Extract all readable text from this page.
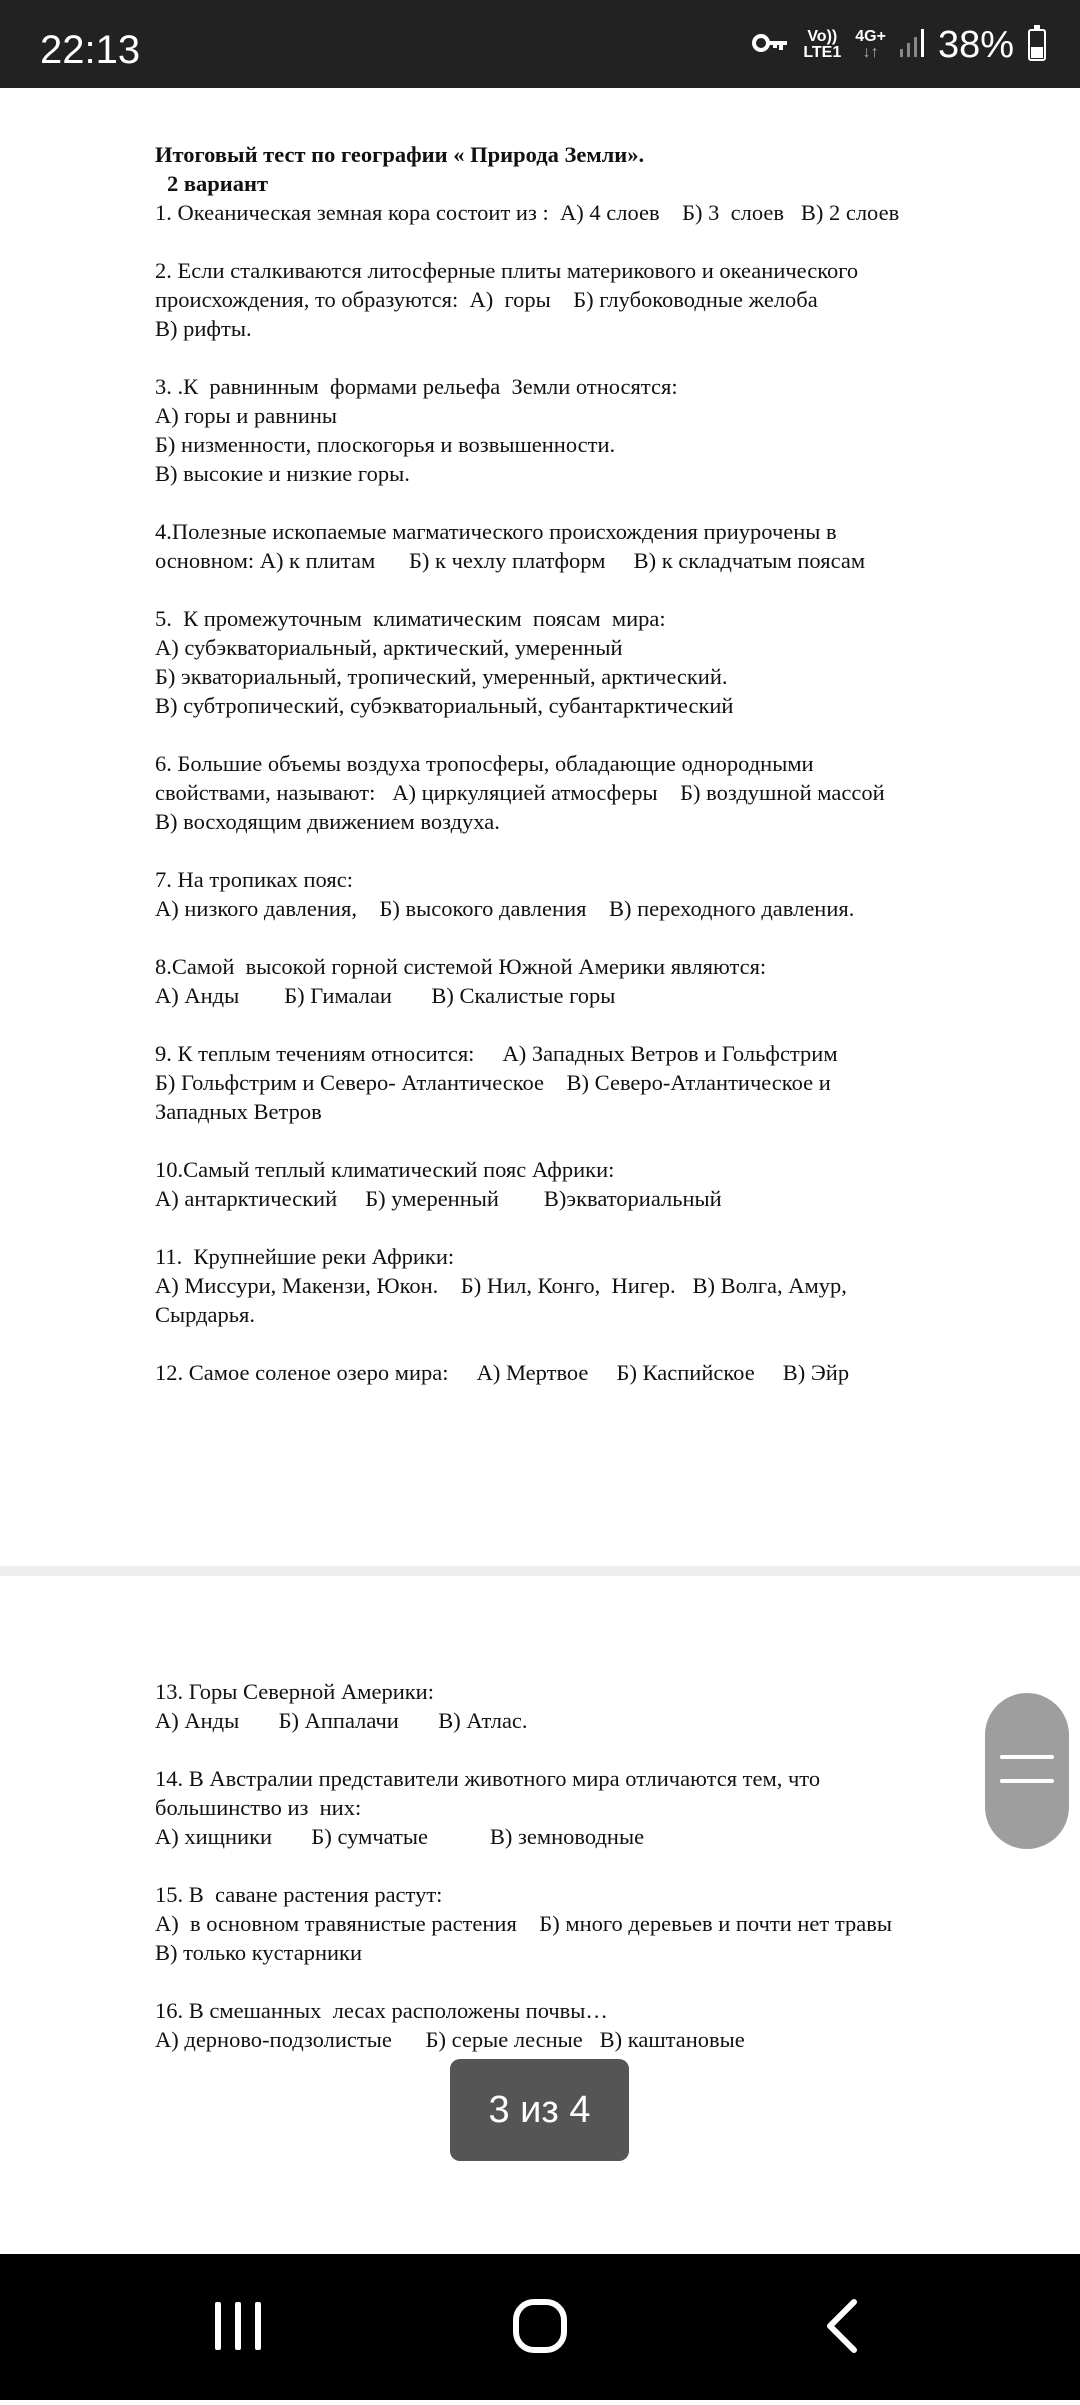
22:13	Vo))
LTE1
4G+
↓↑ 38%

Итоговый тест по географии « Природа Земли».

2 вариант

1. Океаническая земная кора состоит из :  А) 4 слоев    Б) 3  слоев   В) 2 слоев

2. Если сталкиваются литосферные плиты материкового и океанического

происхождения, то образуются:  А)  горы    Б) глубоководные желоба

В) рифты.

3. .К  равнинным  формами рельефа  Земли относятся:

А) горы и равнины

Б) низменности, плоскогорья и возвышенности.

В) высокие и низкие горы.

4.Полезные ископаемые магматического происхождения приурочены в

основном: А) к плитам      Б) к чехлу платформ     В) к складчатым поясам

5.  К промежуточным  климатическим  поясам  мира:

А) субэкваториальный, арктический, умеренный

Б) экваториальный, тропический, умеренный, арктический.

В) субтропический, субэкваториальный, субантарктический

6. Большие объемы воздуха тропосферы, обладающие однородными

свойствами, называют:   А) циркуляцией атмосферы    Б) воздушной массой

В) восходящим движением воздуха.

7. На тропиках пояс:

А) низкого давления,    Б) высокого давления    В) переходного давления.

8.Самой  высокой горной системой Южной Америки являются:

А) Анды        Б) Гималаи       В) Скалистые горы

9. К теплым течениям относится:     А) Западных Ветров и Гольфстрим

Б) Гольфстрим и Северо- Атлантическое    В) Северо-Атлантическое и

Западных Ветров

10.Самый теплый климатический пояс Африки:

А) антарктический     Б) умеренный        В)экваториальный

11.  Крупнейшие реки Африки:

А) Миссури, Макензи, Юкон.    Б) Нил, Конго,  Нигер.   В) Волга, Амур,

Сырдарья.

12. Самое соленое озеро мира:     А) Мертвое     Б) Каспийское     В) Эйр

13. Горы Северной Америки:

А) Анды       Б) Аппалачи       В) Атлас.

14. В Австралии представители животного мира отличаются тем, что

большинство из  них:

А) хищники       Б) сумчатые           В) земноводные

15. В  саване растения растут:

А)  в основном травянистые растения    Б) много деревьев и почти нет травы

В) только кустарники

16. В смешанных  лесах расположены почвы…

А) дерново-подзолистые      Б) серые лесные   В) каштановые

3 из 4
